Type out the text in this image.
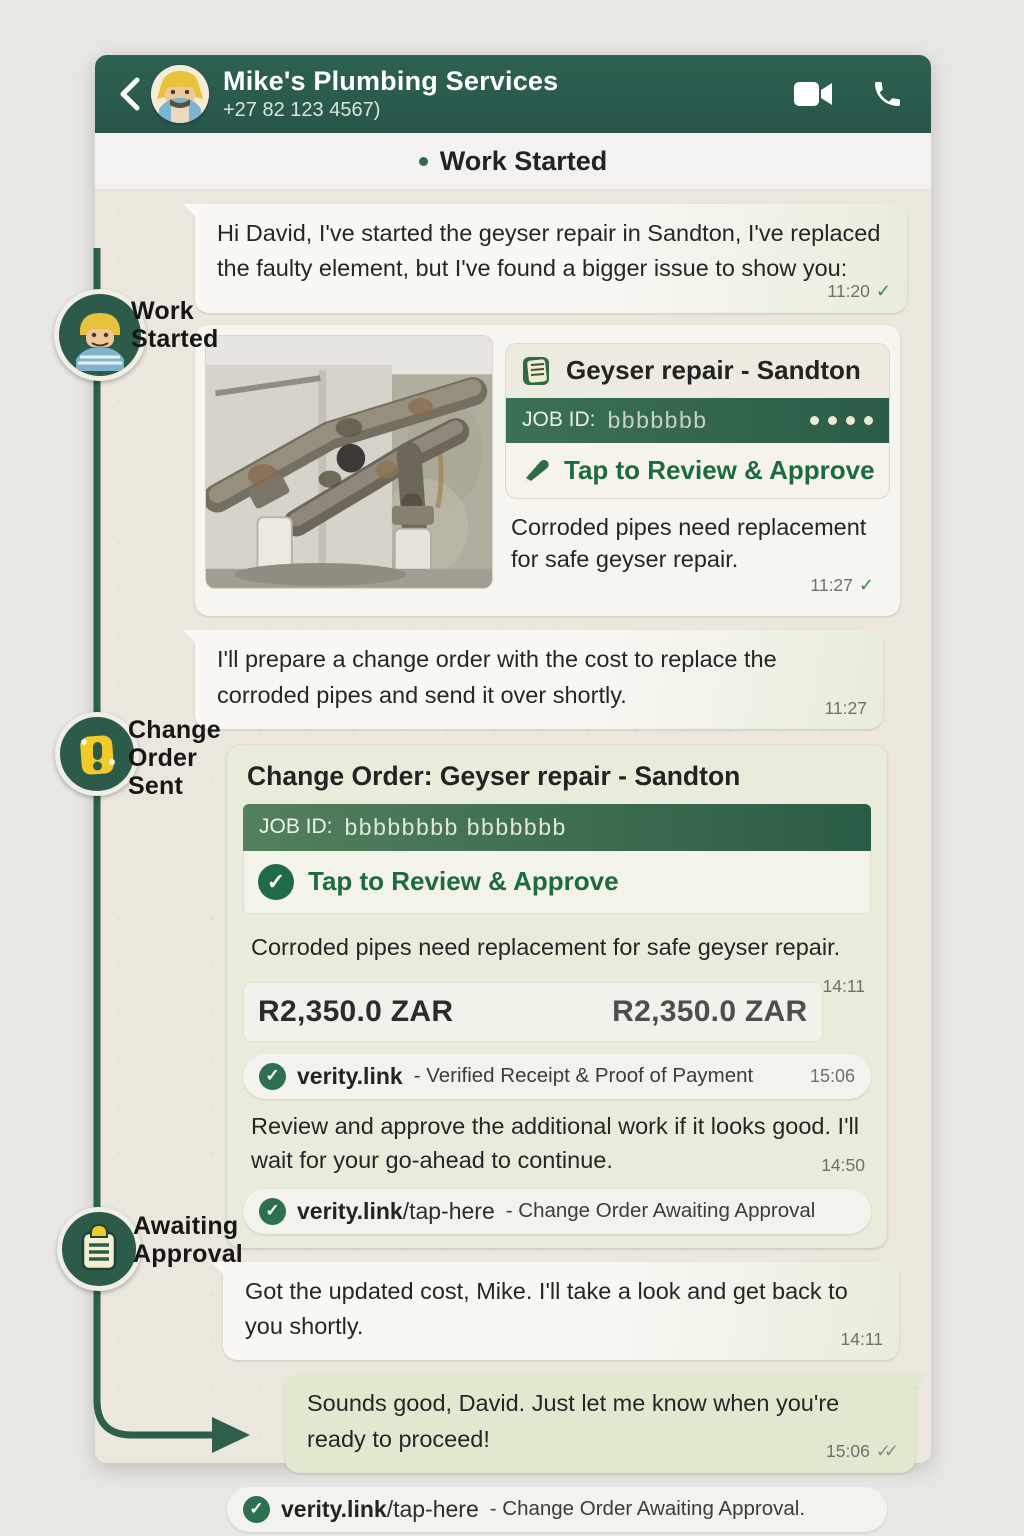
Mike's Plumbing Services
+27 82 123 4567)
Work Started
Hi David, I've started the geyser repair in Sandton, I've replaced the faulty element, but I've found a bigger issue to show you:
11:20 ✓
Geyser repair - Sandton
JOB ID: bbbbbbb
Tap to Review & Approve
Corroded pipes need replacement for safe geyser repair.
11:27 ✓
I'll prepare a change order with the cost to replace the corroded pipes and send it over shortly.	11:27
Change Order: Geyser repair - Sandton
JOB ID: bbbbbbbb bbbbbbb
✓ Tap to Review & Approve
Corroded pipes need replacement for safe geyser repair.
14:11
R2,350.0 ZAR	R2,350.0 ZAR
✓ verity.link - Verified Receipt & Proof of Payment	15:06
Review and approve the additional work if it looks good. I'll wait for your go-ahead to continue.	14:50
✓ verity.link/tap-here - Change Order Awaiting Approval
Got the updated cost, Mike. I'll take a look and get back to you shortly.	14:11
Sounds good, David. Just let me know when you're ready to proceed!	15:06 ✓✓
✓ verity.link/tap-here - Change Order Awaiting Approval.
Work Started
Change Order Sent
Awaiting Approval
